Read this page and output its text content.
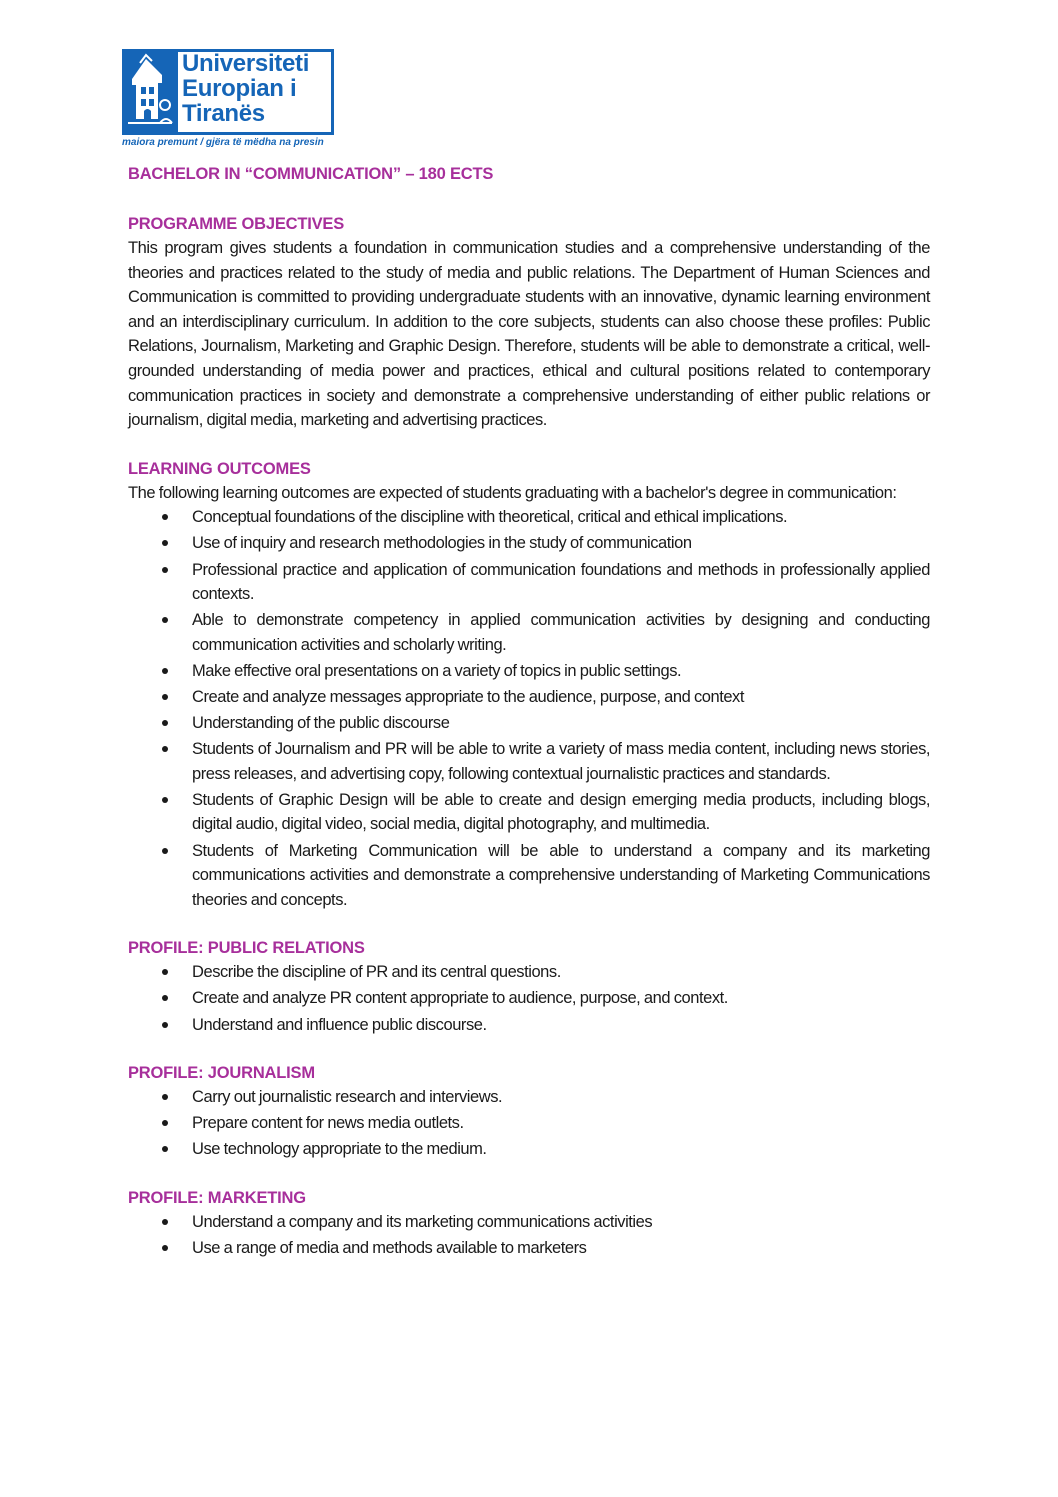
Universiteti
Europian i
Tiranës
maiora premunt / gjëra të mëdha na presin
BACHELOR IN “COMMUNICATION” – 180 ECTS
PROGRAMME OBJECTIVES

This program gives students a foundation in communication studies and a comprehensive understanding of the theories and practices related to the study of media and public relations. The Department of Human Sciences and Communication is committed to providing undergraduate students with an innovative, dynamic learning environment and an interdisciplinary curriculum. In addition to the core subjects, students can also choose these profiles: Public Relations, Journalism, Marketing and Graphic Design. Therefore, students will be able to demonstrate a critical, well-grounded understanding of media power and practices, ethical and cultural positions related to contemporary communication practices in society and demonstrate a comprehensive understanding of either public relations or journalism, digital media, marketing and advertising practices.

LEARNING OUTCOMES

The following learning outcomes are expected of students graduating with a bachelor's degree in communication:

Conceptual foundations of the discipline with theoretical, critical and ethical implications.
Use of inquiry and research methodologies in the study of communication
Professional practice and application of communication foundations and methods in professionally applied contexts.
Able to demonstrate competency in applied communication activities by designing and conducting communication activities and scholarly writing.
Make effective oral presentations on a variety of topics in public settings.
Create and analyze messages appropriate to the audience, purpose, and context
Understanding of the public discourse
Students of Journalism and PR will be able to write a variety of mass media content, including news stories, press releases, and advertising copy, following contextual journalistic practices and standards.
Students of Graphic Design will be able to create and design emerging media products, including blogs, digital audio, digital video, social media, digital photography, and multimedia.
Students of Marketing Communication will be able to understand a company and its marketing communications activities and demonstrate a comprehensive understanding of Marketing Communications theories and concepts.
PROFILE: PUBLIC RELATIONS
Describe the discipline of PR and its central questions.
Create and analyze PR content appropriate to audience, purpose, and context.
Understand and influence public discourse.
PROFILE: JOURNALISM
Carry out journalistic research and interviews.
Prepare content for news media outlets.
Use technology appropriate to the medium.
PROFILE: MARKETING
Understand a company and its marketing communications activities
Use a range of media and methods available to marketers
